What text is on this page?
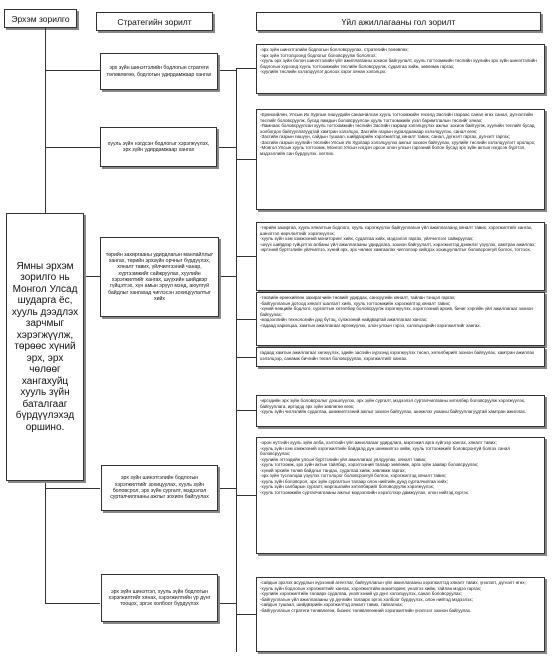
Эрхэм зорилго	Стратегийн зорилт	Үйл ажиллагааны гол зорилт
Ямны эрхэм зорилго нь Монгол Улсад шударга ёс, хууль дээдлэх зарчмыг хэрэгжүүлж, төрөөс хүний эрх, эрх чөлөөг хангахуйц хууль зүйн баталгааг бүрдүүлэхэд оршино.
эрх зүйн шинэтгэлийн бодлогын стратеги төлөвлөгөө, бодлогын удирдамжаар хангах
хууль зүйн нэгдсэн бодлогыг хэрэгжүүлэх, эрх зүйн удирдамжаар хангах
төрийн захиргааны удирдлагын манлайллыг хангах, төрийн эрхзүйн орчныг бүрдүүлэх, хяналт тавих, үйлчилгээний чанар, хүртээмжийг сайжруулах, хуулийн хэрэгжилтийг хангах, шүүхийн шийдвэр гүйцэтгэх, хүн амын эрүүл мэнд, аюулгүй байдлыг хангахад чиглэсэн зохицуулалтыг хийх
эрх зүйн шинэтгэлийн бодлогын хэрэгжилтийг зохицуулах, хууль зүйн боловсрол, эрх зүйн сургалт, мэдээлэл сурталчилгааны ажлыг зохион байгуулах
эрх зүйн шинэтгэл, хууль зүйн бодлогын хэрэгжилтийг хянах, хэрэгжилтийн үр дүнг тооцох, эргэх холбоог бүрдүүлэх

-эрх зүйн шинэтгэлийн бодлогын болловсруулах, стратегийн төлөвлөх;
-эрх зүйн тогтолцоонд бодлогыг боловсруулж бололгох;
-хууль эрх зүйн болон шинэтгэлийн үйл ажиллагааны зохион байгуулалт, хууль тогтоомжийн төслийн хуулийн эрх зүйн шинэтгэлийн бодлогын хүрээнд хууль тогтоомжийн төслийн боловсруулж, судалгаа хийж, зөвлөмж гаргах;
-хуулийн төслийн хэлэлцүүлэг долоох хэрэг хянан хэлэлцэх.

-Ерөнхийлөн, Улсын Их Хурлын гишүүдийн санаачилсан хууль тогтоомжийн төсөлд Засгийн газраас санал өгөх санал, дүгнэлтийн төслийг боловсруулж, бусад яамдын боловсруулсан хууль тогтоомжийн үзэл баримтлалын төслийг хянах;
-Яамнаас боловсруулсан хууль тогтоомжийн төслийн Засгийн газраар хэлэлцүүлэх ажлыг зохион байгуулж, хуулийн төслийг бусад холбогдох байгууллагуудтай хамтран хэлэлцэх, Засгийн газрын хуралдаанаар хэлэлцүүлэх, санал өгөх;
-Засгийн газрын гишүүн, сайдын тушаал, шийдвэрийн хэрэгжилтэд хяналт тавих, санал, дүгнэлт гаргах, дүгнэлт гаргах;
-Засгийн газрын хуулийн төслийн Улсын Их Хурлаар хэлэлцүүлэх ажлыг зохион байгуулах, хуулийн төслийн хэлэлцүүлэгт оролцох;
-Монгол Улсын хууль тогтоомж, Монгол Улсын нэгдэн орсон олон улсын гэрээний болон бусад эрх зүйн актын нэгдсэн бүртгэл, мэдээллийн сан бүрдүүлэх, хөтлөх.

-төрийн захиргаа, хууль хяналтын бодлого, хууль хэрэгжүүлэх байгууллагын үйл ажиллагаанд хяналт тавих, хэрэгжилтийг хангах, шинэтгэл өөрчлөлтийг хэрэгжүүлэх;
-хууль зүйн хэм хэмжээний мониторинг хийх, судалгаа хийх, мэдээлэл гаргах, үйлчилгээг сайжруулах;
-шүүх шийдвэр гүйцэтгэх албаны үйл ажиллагааны удирдлага, зохион байгуулалт, хэрэгжилтэд дэмжлэг үзүүлэх, хамтран ажиллах;
-иргэний бүртгэлийн үйлчилгээ, хүний эрх, эрх чөлөөг хамгаалах чиглэлээр хийгдэх зохицуулалтыг боловсронгуй болгох, тогтоох.

-төсвийн ерөнхийлөн захирагчийн төсвийг удирдах, санхүүгийн хяналт, тайлан тэнцэл гаргах;
-байгууллагын дотоод хяналт шалгалт хийх, хууль тогтоомжийн хэрэгжилтэд хяналт тавих;
-хүний нөөцийн бодлого, сургалтын хөтөлбөр боловсруулж хэрэгжүүлэх, хэрэглээний архив, бичиг хэргийн үйл ажиллагааг зохион байгуулах;
-мэдээллийн технологийн дэд бүтэц, сүлжээний найдвартай ажиллагааг хангах;
-гадаад харилцаа, хамтын ажиллагааг өргөжүүлэх, олон улсын гэрээ, хэлэлцээрийн хэрэгжилтийг хангах.

гадаад хамтын ажиллагааг хөгжүүлэх, эдийн засгийн хүрээнд хэрэгжүүлэх төсөл, хөтөлбөрийг зохион байгуулах, хамтран ажиллах хэлэлцээр, санамж бичгийн төсөл боловсруулах, хэрэгжилтийг хангах.

-иргэдийн эрх зүйн боловсролыг дээшлүүлэх, эрх зүйн сургалт, мэдээлэл сурталчилгааны хөтөлбөр боловсруулж хэрэгжүүлэх, байгууллага, иргэдэд эрх зүйн зөвлөгөө өгөх;
-хууль зүйн чиглэлийн судалгаа, шинжилгээний ажлыг зохион байгуулах, шинжлэх ухааны байгууллагуудтай хамтран ажиллах.

-орон нутгийн хууль зүйн алба, хэлтсийн үйл ажиллагааг удирдлага, мэргэжил арга зүйгээр хангах, хяналт тавих;
-хууль зүйн хэм хэмжээний хэрэгжилтийн байдалд дүн шинжилгээ хийж, хууль тогтоомжийг боловсронгуй болгох санал боловсруулах;
-хуулийн этгээдийн улсын бүртгэлийн үйл ажиллагааг уялдуулах, хяналт тавих;
-хууль тогтоомж, эрх зүйн актын тайлбар, хэрэглээний талаар зөвлөмж, арга зүйн заавар боловсруулах;
-хүний эрхийн төлөв байдлыг тандах, судалгаа хийж, зөвлөмж гаргах;
-эрх зүйн туслалцаа үзүүлэх тогтолцоог боловсронгуй болгох, хэрэгжилтэд хяналт тавих;
-хууль зүйн боловсрол, эрх зүйн сургалтын талаар олон нийтийн дунд сурталчилгаа хийх;
-хууль зүйн салбарын сургалт, мэргэшлийн хөтөлбөрийг боловсруулж хэрэгжүүлэх;
-хууль тогтоомжийн сурталчилгааны ажлыг мэдээллийн хэрэгслээр дамжуулах, олон нийтэд хүргэх.

-сайдын эрхлэх асуудлын хүрээний агентлаг, байгууллагын үйл ажиллагааны хэрэгжилтэд хяналт тавих, үнэлэлт, дүгнэлт өгөх;
-хууль зүйн бодлогын хэрэгжилтийг хангах, хэрэгжилтийн мониторинг, үнэлгээ хийж, тайлан мэдээ гаргах;
-хуулийн хэрэгжилтийн талаарх судалгаа, үнэлгээний үр дүнг хэлэлцүүлэх, санал боловсруулах;
-байгууллагын үйл ажиллагааны үр дүнгийн талаарх эргэх холбоог бүрдүүлэх, олон нийтэд мэдээлэх;
-сайдын тушаал, шийдвэрийн хэрэгжилтэд хяналт тавих, тайлагнах;
-байгууллагын стратеги төлөвлөгөө, бизнес төлөвлөгөөний хэрэгжилтийн үнэлгээг зохион байгуулах.
